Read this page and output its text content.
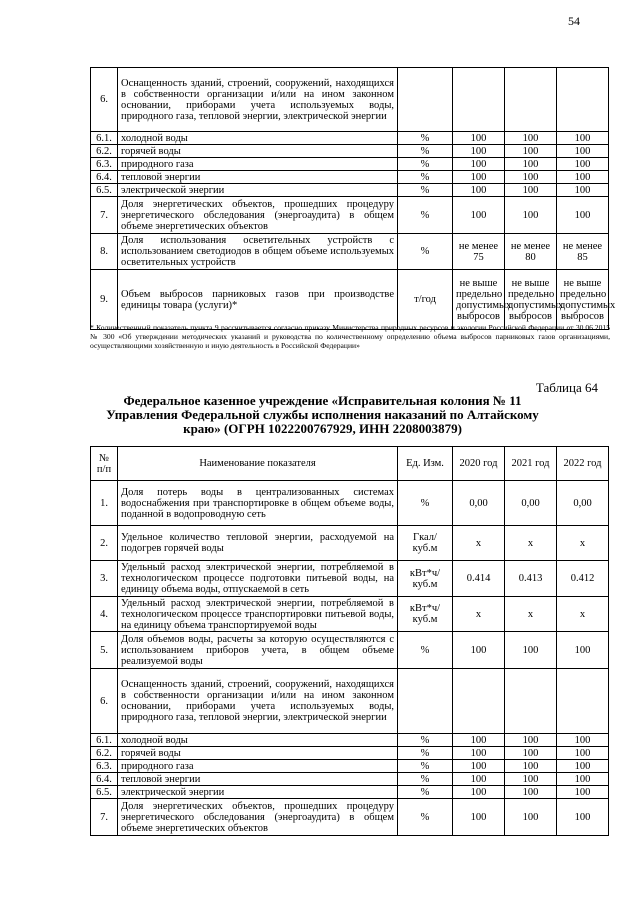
54
6.	Оснащенность зданий, строений, сооружений, находящихся в собственности организации и/или на ином законном основании, приборами учета используемых воды, природного газа, тепловой энергии, электрической энергии				
6.1.	холодной воды	%	100	100	100
6.2.	горячей воды	%	100	100	100
6.3.	природного газа	%	100	100	100
6.4.	тепловой энергии	%	100	100	100
6.5.	электрической энергии	%	100	100	100
7.	Доля энергетических объектов, прошедших процедуру энергетического обследования (энергоаудита) в общем объеме энергетических объектов	%	100	100	100
8.	Доля использования осветительных устройств с использованием светодиодов в общем объеме используемых осветительных устройств	%	не менее 75	не менее 80	не менее 85
9.	Объем выбросов парниковых газов при производстве единицы товара (услуги)*	т/год	не выше предельно допустимых выбросов	не выше предельно допустимых выбросов	не выше предельно допустимых выбросов
* Количественный показатель пункта 9 рассчитывается согласно приказу Министерства природных ресурсов и экологии Российской Федерации от 30.06.2015 № 300 «Об утверждении методических указаний и руководства по количественному определению объема выбросов парниковых газов организациями, осуществляющими хозяйственную и иную деятельность в Российской Федерации»
Таблица 64
Федеральное казенное учреждение «Исправительная колония № 11 Управления Федеральной службы исполнения наказаний по Алтайскому краю» (ОГРН 1022200767929, ИНН 2208003879)
№ п/п	Наименование показателя	Ед. Изм.	2020 год	2021 год	2022 год
1.	Доля потерь воды в централизованных системах водоснабжения при транспортировке в общем объеме воды, поданной в водопроводную сеть	%	0,00	0,00	0,00
2.	Удельное количество тепловой энергии, расходуемой на подогрев горячей воды	Гкал/ куб.м	х	х	х
3.	Удельный расход электрической энергии, потребляемой в технологическом процессе подготовки питьевой воды, на единицу объема воды, отпускаемой в сеть	кВт*ч/ куб.м	0.414	0.413	0.412
4.	Удельный расход электрической энергии, потребляемой в технологическом процессе транспортировки питьевой воды, на единицу объема транспортируемой воды	кВт*ч/ куб.м	х	х	х
5.	Доля объемов воды, расчеты за которую осуществляются с использованием приборов учета, в общем объеме реализуемой воды	%	100	100	100
6.	Оснащенность зданий, строений, сооружений, находящихся в собственности организации и/или на ином законном основании, приборами учета используемых воды, природного газа, тепловой энергии, электрической энергии				
6.1.	холодной воды	%	100	100	100
6.2.	горячей воды	%	100	100	100
6.3.	природного газа	%	100	100	100
6.4.	тепловой энергии	%	100	100	100
6.5.	электрической энергии	%	100	100	100
7.	Доля энергетических объектов, прошедших процедуру энергетического обследования (энергоаудита) в общем объеме энергетических объектов	%	100	100	100
